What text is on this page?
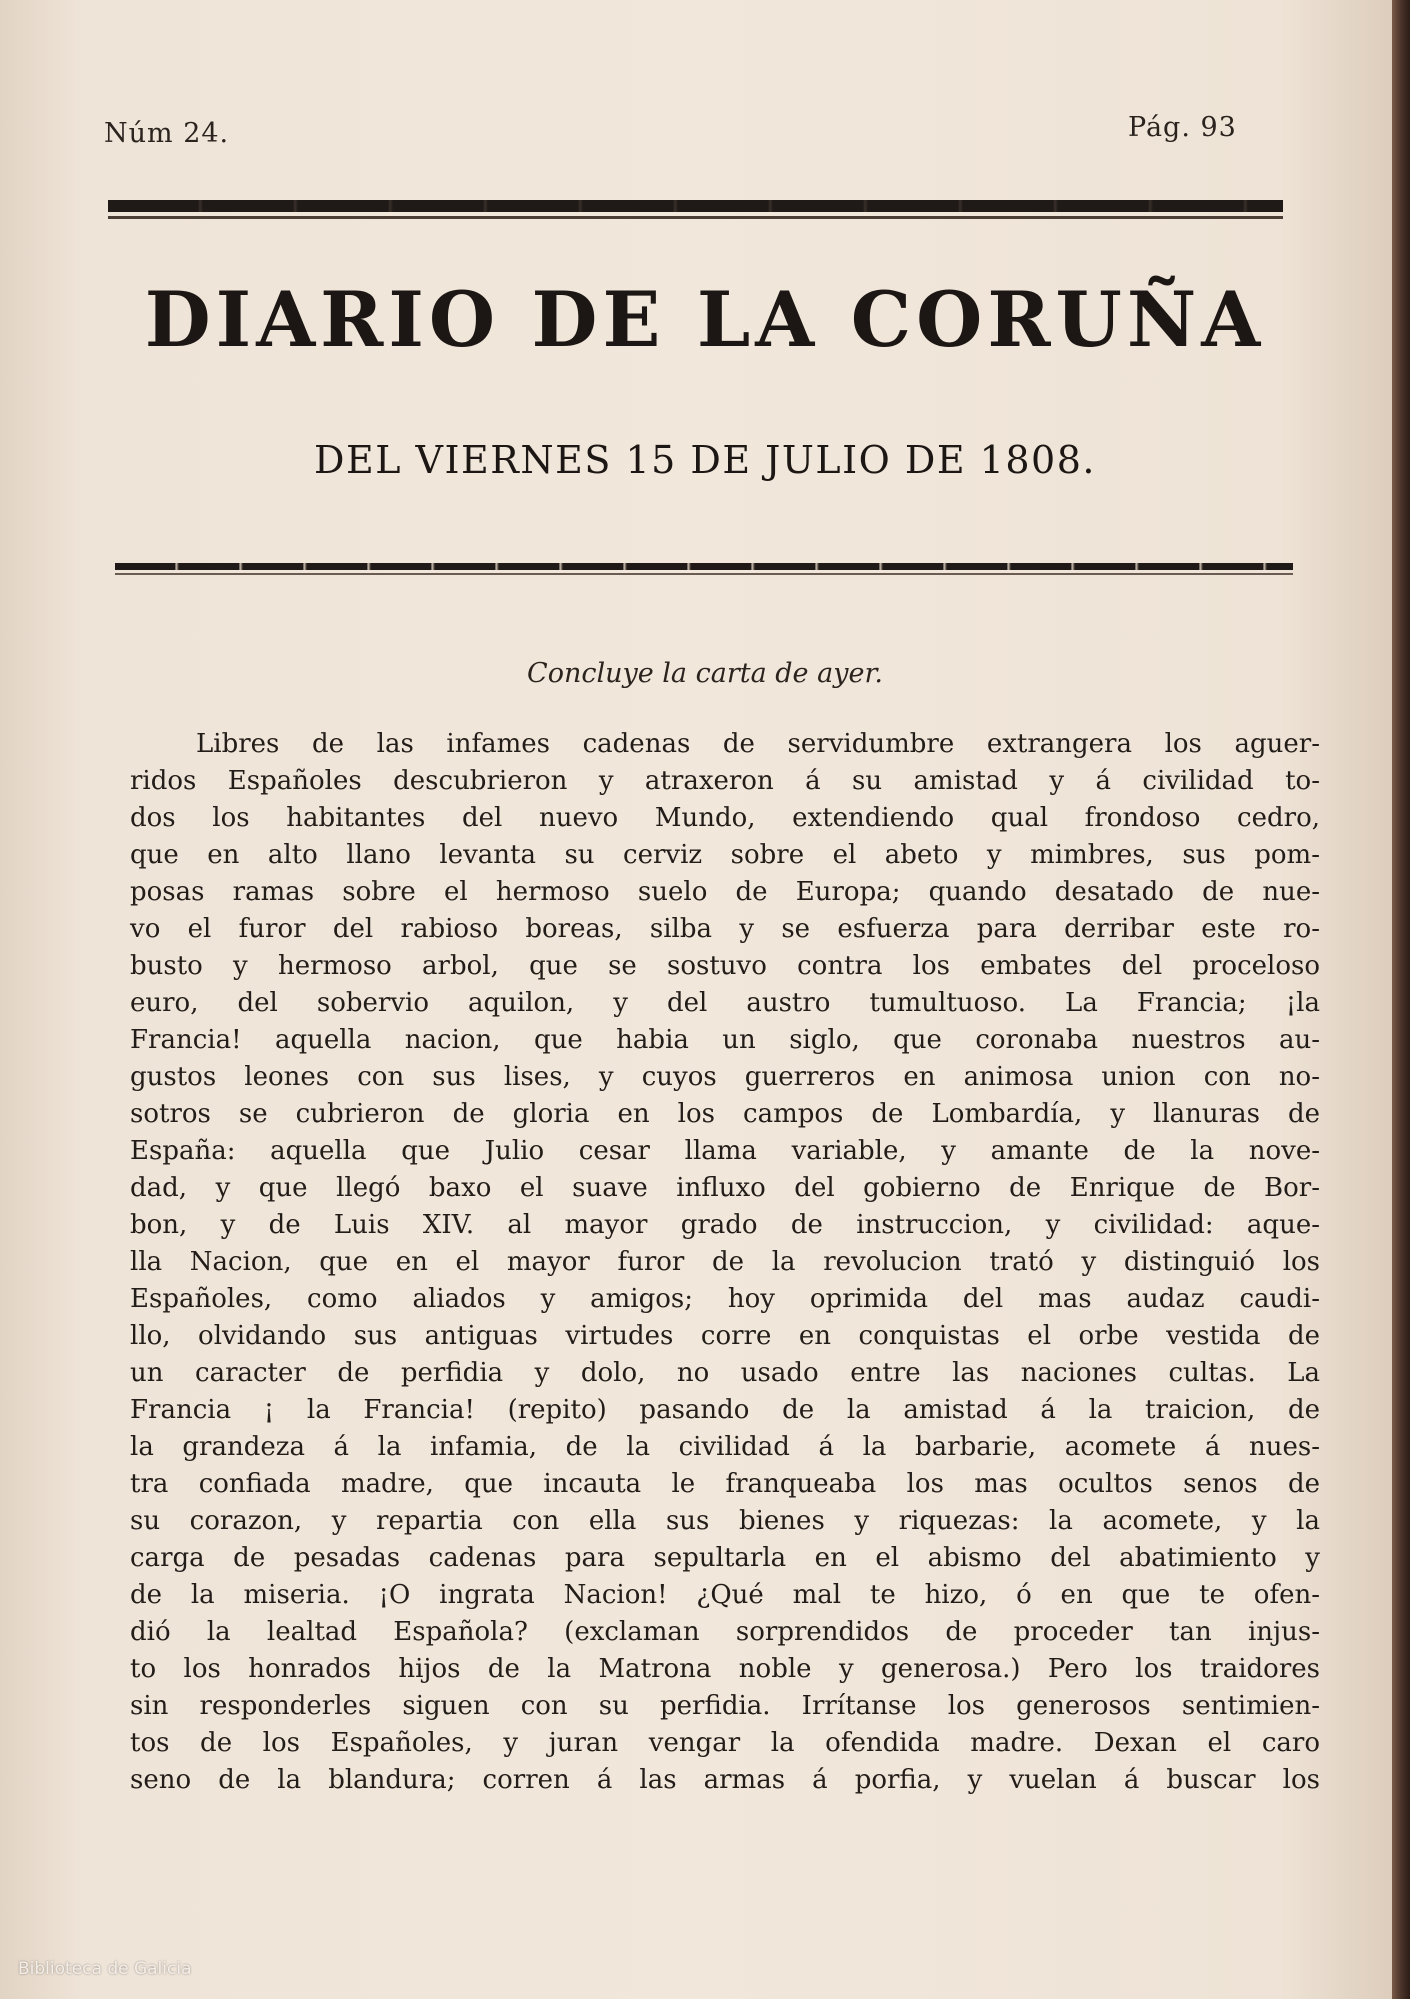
Núm 24.	Pág. 93
DIARIO DE LA CORUÑA
DEL VIERNES 15 DE JULIO DE 1808.
Concluye la carta de ayer.
Libres de las infames cadenas de servidumbre extrangera los aguer-
ridos Españoles descubrieron y atraxeron á su amistad y á civilidad to-
dos los habitantes del nuevo Mundo, extendiendo qual frondoso cedro,
que en alto llano levanta su cerviz sobre el abeto y mimbres, sus pom-
posas ramas sobre el hermoso suelo de Europa; quando desatado de nue-
vo el furor del rabioso boreas, silba y se esfuerza para derribar este ro-
busto y hermoso arbol, que se sostuvo contra los embates del proceloso
euro, del sobervio aquilon, y del austro tumultuoso. La Francia; ¡la
Francia! aquella nacion, que habia un siglo, que coronaba nuestros au-
gustos leones con sus lises, y cuyos guerreros en animosa union con no-
sotros se cubrieron de gloria en los campos de Lombardía, y llanuras de
España: aquella que Julio cesar llama variable, y amante de la nove-
dad, y que llegó baxo el suave influxo del gobierno de Enrique de Bor-
bon, y de Luis XIV. al mayor grado de instruccion, y civilidad: aque-
lla Nacion, que en el mayor furor de la revolucion trató y distinguió los
Españoles, como aliados y amigos; hoy oprimida del mas audaz caudi-
llo, olvidando sus antiguas virtudes corre en conquistas el orbe vestida de
un caracter de perfidia y dolo, no usado entre las naciones cultas. La
Francia ¡ la Francia! (repito) pasando de la amistad á la traicion, de
la grandeza á la infamia, de la civilidad á la barbarie, acomete á nues-
tra confiada madre, que incauta le franqueaba los mas ocultos senos de
su corazon, y repartia con ella sus bienes y riquezas: la acomete, y la
carga de pesadas cadenas para sepultarla en el abismo del abatimiento y
de la miseria. ¡O ingrata Nacion! ¿Qué mal te hizo, ó en que te ofen-
dió la lealtad Española? (exclaman sorprendidos de proceder tan injus-
to los honrados hijos de la Matrona noble y generosa.) Pero los traidores
sin responderles siguen con su perfidia. Irrítanse los generosos sentimien-
tos de los Españoles, y juran vengar la ofendida madre. Dexan el caro
seno de la blandura; corren á las armas á porfia, y vuelan á buscar los
Biblioteca de Galicia
